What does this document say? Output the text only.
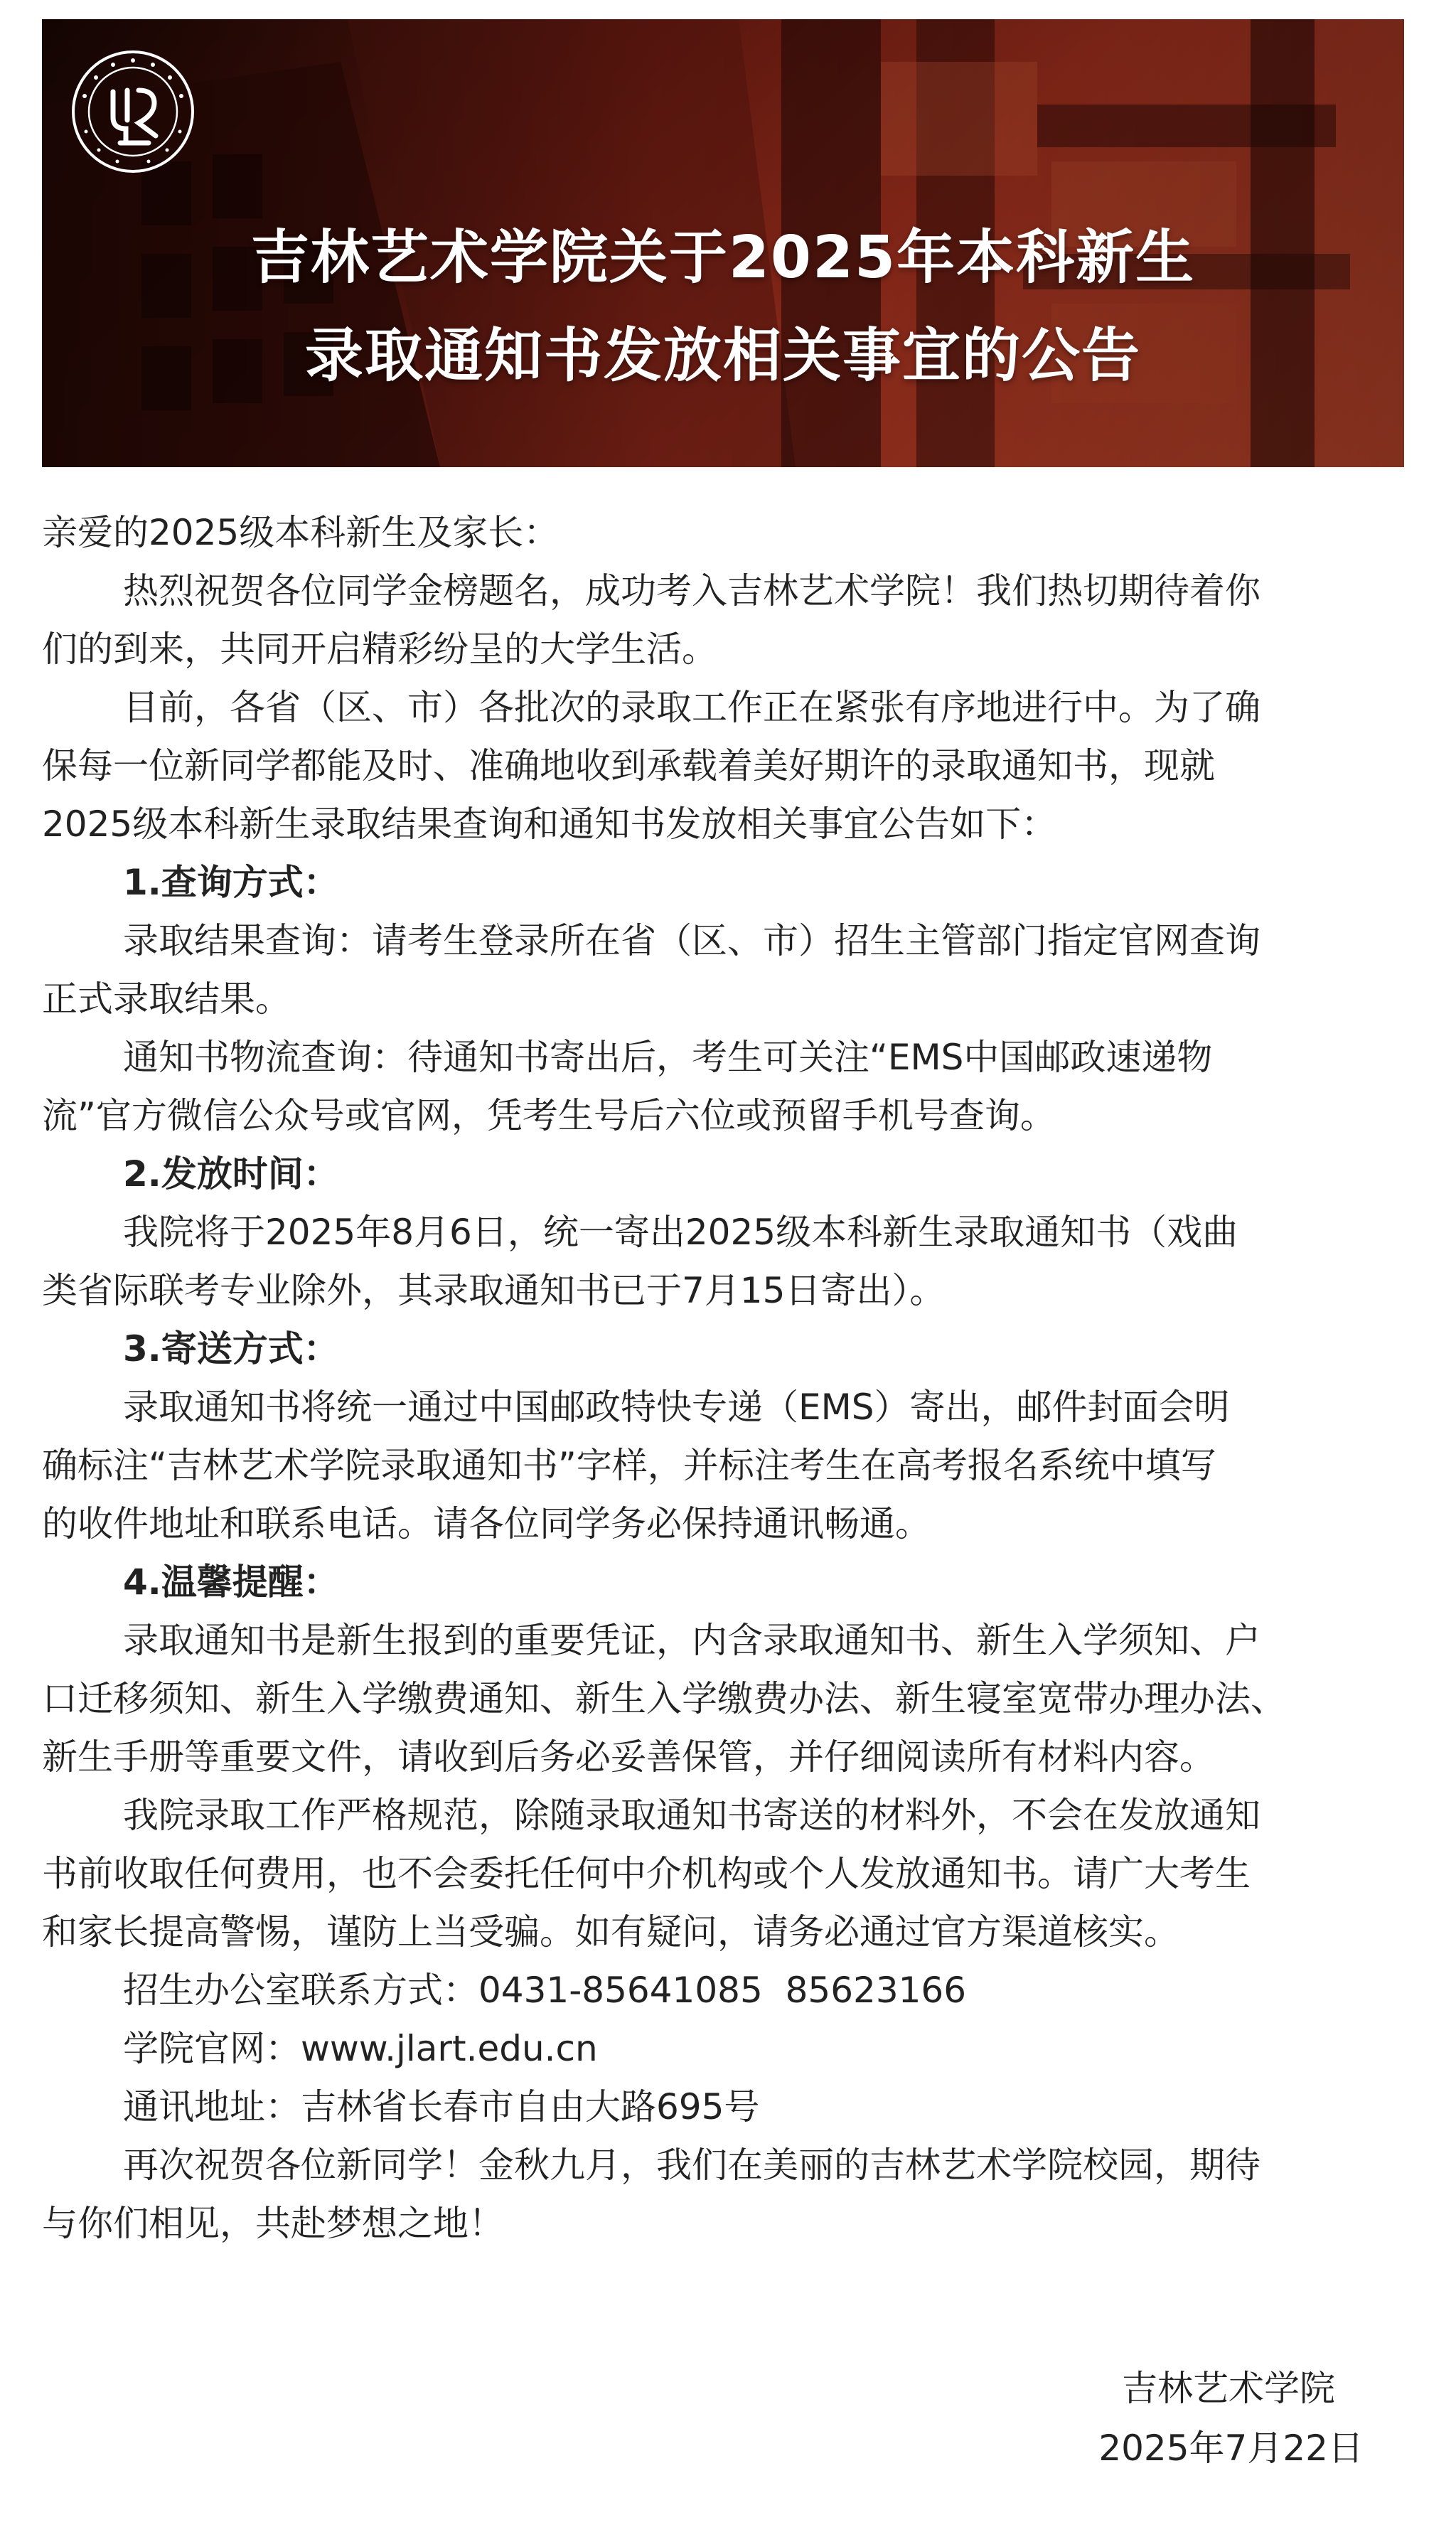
吉林艺术学院关于2025年本科新生
录取通知书发放相关事宜的公告

亲爱的2025级本科新生及家长：

热烈祝贺各位同学金榜题名，成功考入吉林艺术学院！我们热切期待着你

们的到来，共同开启精彩纷呈的大学生活。

目前，各省（区、市）各批次的录取工作正在紧张有序地进行中。为了确

保每一位新同学都能及时、准确地收到承载着美好期许的录取通知书，现就

2025级本科新生录取结果查询和通知书发放相关事宜公告如下：

1.查询方式：

录取结果查询：请考生登录所在省（区、市）招生主管部门指定官网查询

正式录取结果。

通知书物流查询：待通知书寄出后，考生可关注“EMS中国邮政速递物

流”官方微信公众号或官网，凭考生号后六位或预留手机号查询。

2.发放时间：

我院将于2025年8月6日，统一寄出2025级本科新生录取通知书（戏曲

类省际联考专业除外，其录取通知书已于7月15日寄出）。

3.寄送方式：

录取通知书将统一通过中国邮政特快专递（EMS）寄出，邮件封面会明

确标注“吉林艺术学院录取通知书”字样，并标注考生在高考报名系统中填写

的收件地址和联系电话。请各位同学务必保持通讯畅通。

4.温馨提醒：

录取通知书是新生报到的重要凭证，内含录取通知书、新生入学须知、户

口迁移须知、新生入学缴费通知、新生入学缴费办法、新生寝室宽带办理办法、

新生手册等重要文件，请收到后务必妥善保管，并仔细阅读所有材料内容。

我院录取工作严格规范，除随录取通知书寄送的材料外，不会在发放通知

书前收取任何费用，也不会委托任何中介机构或个人发放通知书。请广大考生

和家长提高警惕，谨防上当受骗。如有疑问，请务必通过官方渠道核实。

招生办公室联系方式：0431-85641085  85623166

学院官网：www.jlart.edu.cn

通讯地址：吉林省长春市自由大路695号

再次祝贺各位新同学！金秋九月，我们在美丽的吉林艺术学院校园，期待

与你们相见，共赴梦想之地！

吉林艺术学院
2025年7月22日
